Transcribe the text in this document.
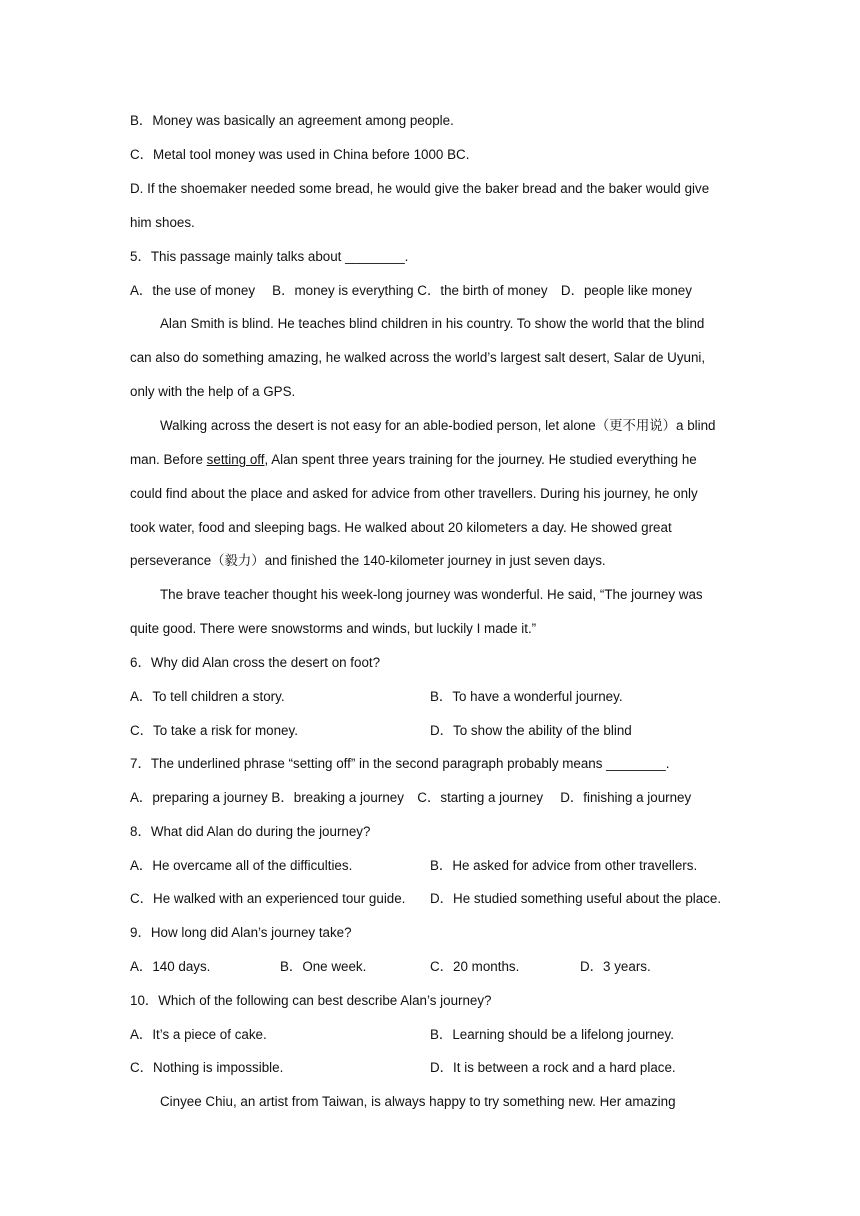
B．Money was basically an agreement among people.
C．Metal tool money was used in China before 1000 BC.
D. If the shoemaker needed some bread, he would give the baker bread and the baker would give
him shoes.
5．This passage mainly talks about ________.
A．the use of money　 B．money is everything C．the birth of money　D．people like money
Alan Smith is blind. He teaches blind children in his country. To show the world that the blind
can also do something amazing, he walked across the world’s largest salt desert, Salar de Uyuni,
only with the help of a GPS.
Walking across the desert is not easy for an able-bodied person, let alone（更不用说）a blind
man. Before setting off, Alan spent three years training for the journey. He studied everything he
could find about the place and asked for advice from other travellers. During his journey, he only
took water, food and sleeping bags. He walked about 20 kilometers a day. He showed great
perseverance（毅力）and finished the 140-kilometer journey in just seven days.
The brave teacher thought his week-long journey was wonderful. He said, “The journey was
quite good. There were snowstorms and winds, but luckily I made it.”
6．Why did Alan cross the desert on foot?
A．To tell children a story.	B．To have a wonderful journey.
C．To take a risk for money.	D．To show the ability of the blind
7．The underlined phrase “setting off” in the second paragraph probably means ________.
A．preparing a journey B．breaking a journey　C．starting a journey　 D．finishing a journey
8．What did Alan do during the journey?
A．He overcame all of the difficulties.	B．He asked for advice from other travellers.
C．He walked with an experienced tour guide. D．He studied something useful about the place.
9．How long did Alan’s journey take?
A．140 days.	B．One week.	C．20 months.	D．3 years.
10．Which of the following can best describe Alan’s journey?
A．It’s a piece of cake.	B．Learning should be a lifelong journey.
C．Nothing is impossible.	D．It is between a rock and a hard place.
Cinyee Chiu, an artist from Taiwan, is always happy to try something new. Her amazing
